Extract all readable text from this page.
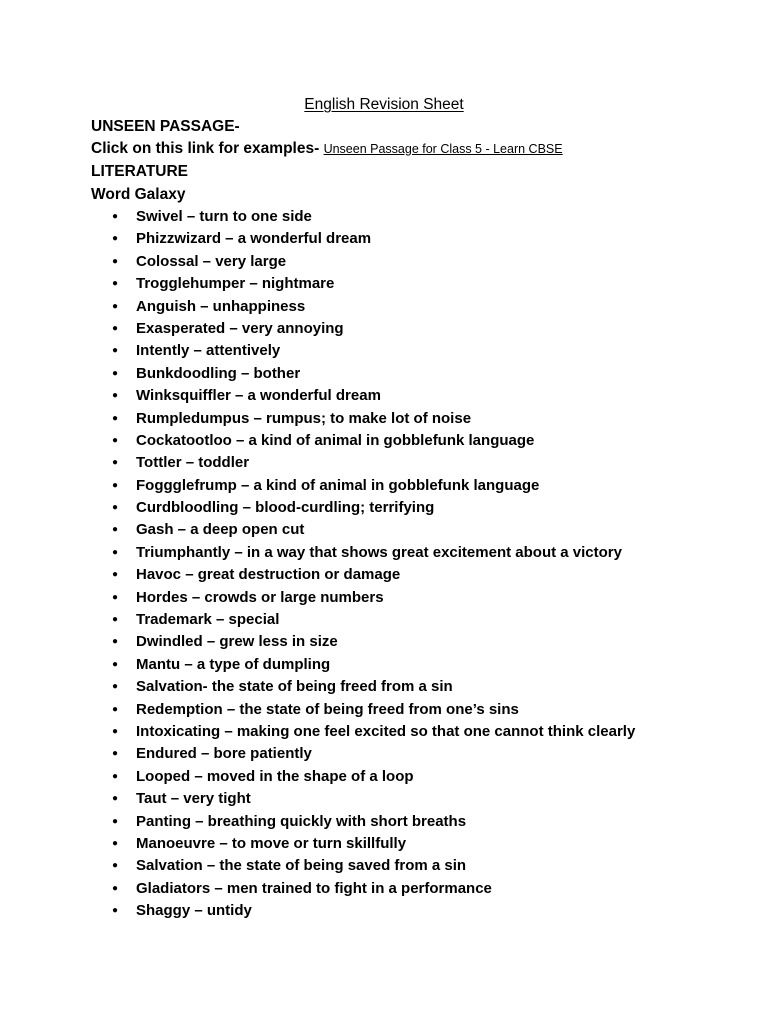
English Revision Sheet
UNSEEN PASSAGE-
Click on this link for examples- Unseen Passage for Class 5 - Learn CBSE
LITERATURE
Word Galaxy
● Swivel – turn to one side
● Phizzwizard – a wonderful dream
● Colossal – very large
● Trogglehumper – nightmare
● Anguish – unhappiness
● Exasperated – very annoying
● Intently – attentively
● Bunkdoodling – bother
● Winksquiffler – a wonderful dream
● Rumpledumpus – rumpus; to make lot of noise
● Cockatootloo – a kind of animal in gobblefunk language
● Tottler – toddler
● Foggglefrump – a kind of animal in gobblefunk language
● Curdbloodling – blood-curdling; terrifying
● Gash – a deep open cut
● Triumphantly – in a way that shows great excitement about a victory
● Havoc – great destruction or damage
● Hordes – crowds or large numbers
● Trademark – special
● Dwindled – grew less in size
● Mantu – a type of dumpling
● Salvation- the state of being freed from a sin
● Redemption – the state of being freed from one’s sins
● Intoxicating – making one feel excited so that one cannot think clearly
● Endured – bore patiently
● Looped – moved in the shape of a loop
● Taut – very tight
● Panting – breathing quickly with short breaths
● Manoeuvre – to move or turn skillfully
● Salvation – the state of being saved from a sin
● Gladiators – men trained to fight in a performance
● Shaggy – untidy
